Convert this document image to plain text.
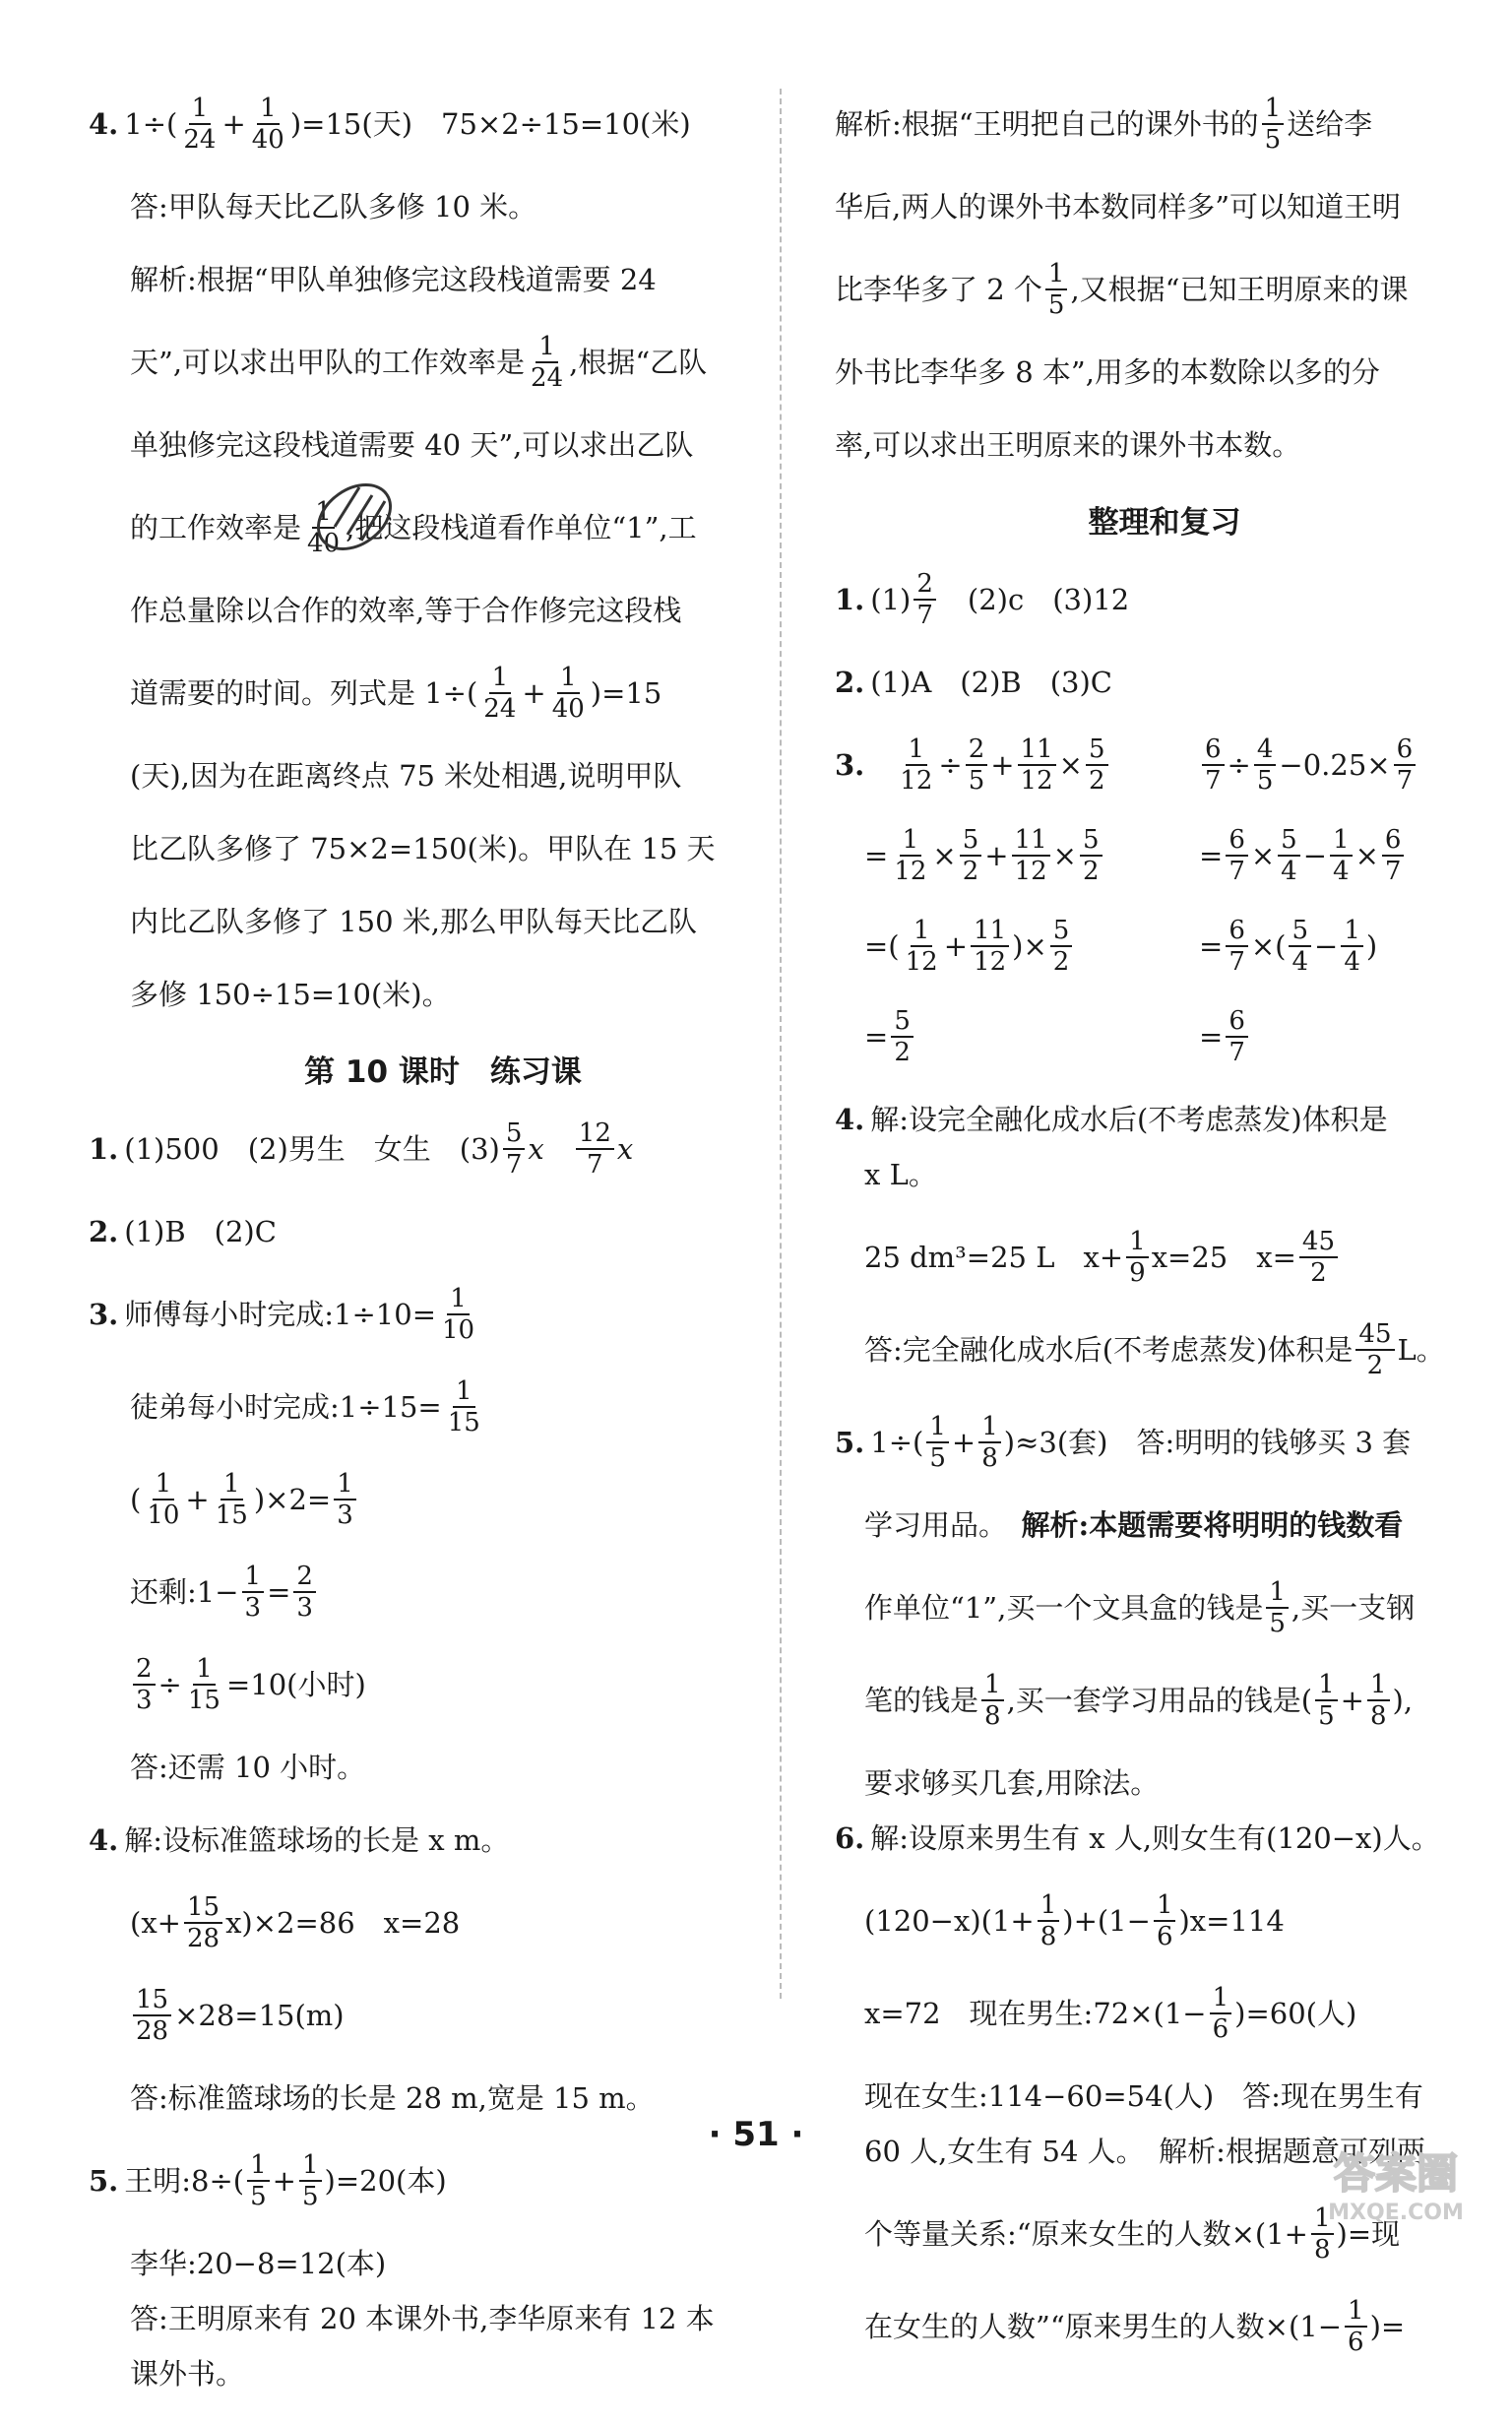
4. $1\div( \frac{1}{24} + \frac{1}{40} )=15$(天)　75×2÷15=10(米)
答:甲队每天比乙队多修 10 米。
解析:根据“甲队单独修完这段栈道需要 24
天”,可以求出甲队的工作效率是 $\frac{1}{24}$ ,根据“乙队
单独修完这段栈道需要 40 天”,可以求出乙队
的工作效率是 $\frac{1}{40}$ ,把这段栈道看作单位“1”,工
作总量除以合作的效率,等于合作修完这段栈
道需要的时间。列式是 $1\div( \frac{1}{24} + \frac{1}{40} )=15$
(天),因为在距离终点 75 米处相遇,说明甲队
比乙队多修了 75×2=150(米)。甲队在 15 天
内比乙队多修了 150 米,那么甲队每天比乙队
多修 150÷15=10(米)。
第 10 课时　练习课
1. (1)500　(2)男生　女生　$(3) \frac{5}{7}$ x　 $\frac{12}{7}$ x
2. (1)B　(2)C
3. 师傅每小时完成:1÷10= $\frac{1}{10}$
徒弟每小时完成:1÷15= $\frac{1}{15}$
( $\frac{1}{10} + \frac{1}{15} )\times 2= \frac{1}{3}$
还剩:1− $\frac{1}{3} = \frac{2}{3}$
$\frac{2}{3} \div \frac{1}{15} =10$(小时)
答:还需 10 小时。
4. 解:设标准篮球场的长是 x m。
$(x+ \frac{15}{28} x)\times 2=86$　x=28
$\frac{15}{28} \times 28=15(m)$
答:标准篮球场的长是 28 m,宽是 15 m。
5. 王明:8÷( $\frac{1}{5} + \frac{1}{5} )=20$(本)
李华:20−8=12(本)
答:王明原来有 20 本课外书,李华原来有 12 本
课外书。
解析:根据“王明把自己的课外书的 $\frac{1}{5}$ 送给李
华后,两人的课外书本数同样多”可以知道王明
比李华多了 2 个 $\frac{1}{5}$ ,又根据“已知王明原来的课
外书比李华多 8 本”,用多的本数除以多的分
率,可以求出王明原来的课外书本数。
整理和复习
1. $(1) \frac{2}{7}$ 　(2)c　(3)12
2. (1)A　(2)B　(3)C
3. $\frac{1}{12} \div \frac{2}{5} + \frac{11}{12} \times \frac{5}{2}$	$\frac{6}{7} \div \frac{4}{5} -0.25\times \frac{6}{7}$
= $\frac{1}{12} \times \frac{5}{2} + \frac{11}{12} \times \frac{5}{2}$	= $\frac{6}{7} \times \frac{5}{4} - \frac{1}{4} \times \frac{6}{7}$
=( $\frac{1}{12} + \frac{11}{12}$ )× $\frac{5}{2}$	= $\frac{6}{7}$ ×( $\frac{5}{4} - \frac{1}{4}$ )
= $\frac{5}{2}$	= $\frac{6}{7}$
4. 解:设完全融化成水后(不考虑蒸发)体积是
x L。
25 dm³=25 L　$x+ \frac{1}{9} x=25$　$x= \frac{45}{2}$
答:完全融化成水后(不考虑蒸发)体积是 $\frac{45}{2}$ L。
5. $1\div( \frac{1}{5} + \frac{1}{8} )\approx 3$(套)　答:明明的钱够买 3 套
学习用品。　 解析:本题需要将明明的钱数看
作单位“1”,买一个文具盒的钱是 $\frac{1}{5}$ ,买一支钢
笔的钱是 $\frac{1}{8}$ ,买一套学习用品的钱是( $\frac{1}{5} + \frac{1}{8}$ ),
要求够买几套,用除法。
6. 解:设原来男生有 x 人,则女生有(120−x)人。
$(120-x)(1+ \frac{1}{8} )+(1- \frac{1}{6} )x=114$
x=72　现在男生:72×(1− $\frac{1}{6} )=60$(人)
现在女生:114−60=54(人)　答:现在男生有
60 人,女生有 54 人。　解析:根据题意可列两
个等量关系:“原来女生的人数$\times(1+ \frac{1}{8}$ )=现
在女生的人数”“原来男生的人数$\times(1- \frac{1}{6}$ )=
· 51 ·
答案圈
MXQE.COM
